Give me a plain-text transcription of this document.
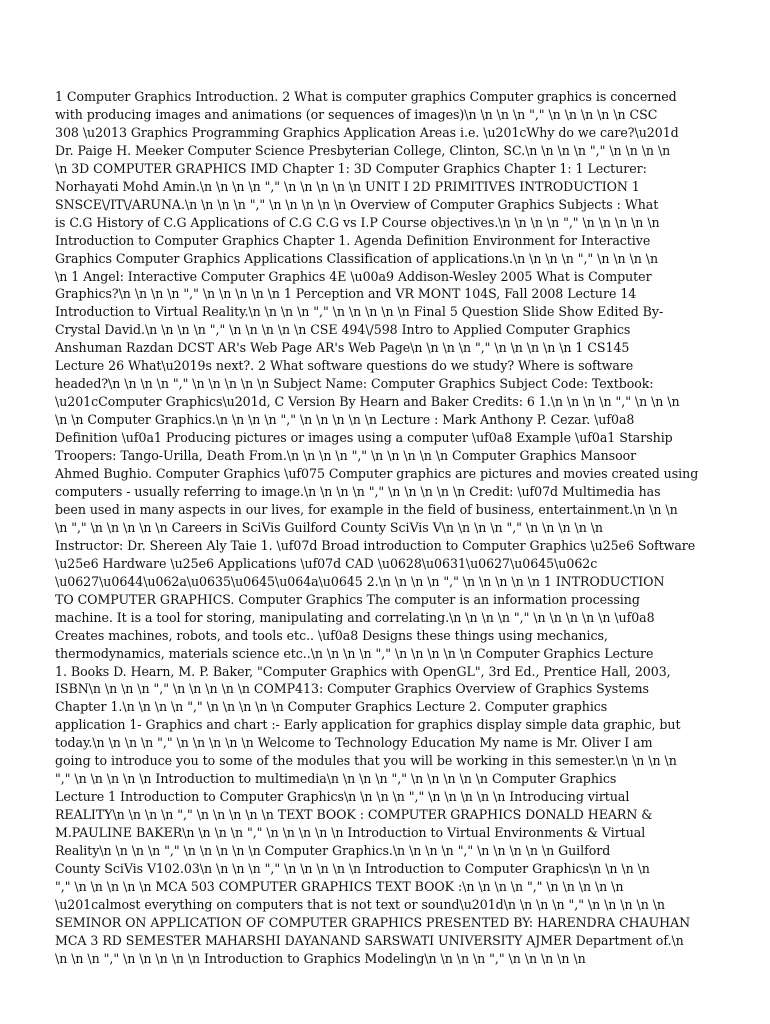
1 Computer Graphics Introduction. 2 What is computer graphics Computer graphics is concerned
with producing images and animations (or sequences of images)\n \n \n \n "," \n \n \n \n \n CSC
308 \u2013 Graphics Programming Graphics Application Areas i.e. \u201cWhy do we care?\u201d
Dr. Paige H. Meeker Computer Science Presbyterian College, Clinton, SC.\n \n \n \n "," \n \n \n \n
\n 3D COMPUTER GRAPHICS IMD Chapter 1: 3D Computer Graphics Chapter 1: 1 Lecturer:
Norhayati Mohd Amin.\n \n \n \n "," \n \n \n \n \n UNIT I 2D PRIMITIVES INTRODUCTION 1
SNSCE\/IT\/ARUNA.\n \n \n \n "," \n \n \n \n \n Overview of Computer Graphics Subjects : What
is C.G History of C.G Applications of C.G C.G vs I.P Course objectives.\n \n \n \n "," \n \n \n \n \n
Introduction to Computer Graphics Chapter 1. Agenda Definition Environment for Interactive
Graphics Computer Graphics Applications Classification of applications.\n \n \n \n "," \n \n \n \n
\n 1 Angel: Interactive Computer Graphics 4E \u00a9 Addison-Wesley 2005 What is Computer
Graphics?\n \n \n \n "," \n \n \n \n \n 1 Perception and VR MONT 104S, Fall 2008 Lecture 14
Introduction to Virtual Reality.\n \n \n \n "," \n \n \n \n \n Final 5 Question Slide Show Edited By-
Crystal David.\n \n \n \n "," \n \n \n \n \n CSE 494\/598 Intro to Applied Computer Graphics
Anshuman Razdan DCST AR's Web Page AR's Web Page\n \n \n \n "," \n \n \n \n \n 1 CS145
Lecture 26 What\u2019s next?. 2 What software questions do we study? Where is software
headed?\n \n \n \n "," \n \n \n \n \n Subject Name: Computer Graphics Subject Code: Textbook:
\u201cComputer Graphics\u201d, C Version By Hearn and Baker Credits: 6 1.\n \n \n \n "," \n \n \n
\n \n Computer Graphics.\n \n \n \n "," \n \n \n \n \n Lecture : Mark Anthony P. Cezar. \uf0a8
Definition \uf0a1 Producing pictures or images using a computer \uf0a8 Example \uf0a1 Starship
Troopers: Tango-Urilla, Death From.\n \n \n \n "," \n \n \n \n \n Computer Graphics Mansoor
Ahmed Bughio. Computer Graphics \uf075 Computer graphics are pictures and movies created using
computers - usually referring to image.\n \n \n \n "," \n \n \n \n \n Credit: \uf07d Multimedia has
been used in many aspects in our lives, for example in the field of business, entertainment.\n \n \n
\n "," \n \n \n \n \n Careers in SciVis Guilford County SciVis V\n \n \n \n "," \n \n \n \n \n
Instructor: Dr. Shereen Aly Taie 1. \uf07d Broad introduction to Computer Graphics \u25e6 Software
\u25e6 Hardware \u25e6 Applications \uf07d CAD \u0628\u0631\u0627\u0645\u062c
\u0627\u0644\u062a\u0635\u0645\u064a\u0645 2.\n \n \n \n "," \n \n \n \n \n 1 INTRODUCTION
TO COMPUTER GRAPHICS. Computer Graphics The computer is an information processing
machine. It is a tool for storing, manipulating and correlating.\n \n \n \n "," \n \n \n \n \n \uf0a8
Creates machines, robots, and tools etc.. \uf0a8 Designs these things using mechanics,
thermodynamics, materials science etc..\n \n \n \n "," \n \n \n \n \n Computer Graphics Lecture
1. Books D. Hearn, M. P. Baker, "Computer Graphics with OpenGL", 3rd Ed., Prentice Hall, 2003,
ISBN\n \n \n \n "," \n \n \n \n \n COMP413: Computer Graphics Overview of Graphics Systems
Chapter 1.\n \n \n \n "," \n \n \n \n \n Computer Graphics Lecture 2. Computer graphics
application 1- Graphics and chart :- Early application for graphics display simple data graphic, but
today.\n \n \n \n "," \n \n \n \n \n Welcome to Technology Education My name is Mr. Oliver I am
going to introduce you to some of the modules that you will be working in this semester.\n \n \n \n
"," \n \n \n \n \n Introduction to multimedia\n \n \n \n "," \n \n \n \n \n Computer Graphics
Lecture 1 Introduction to Computer Graphics\n \n \n \n "," \n \n \n \n \n Introducing virtual
REALITY\n \n \n \n "," \n \n \n \n \n TEXT BOOK : COMPUTER GRAPHICS DONALD HEARN &
M.PAULINE BAKER\n \n \n \n "," \n \n \n \n \n Introduction to Virtual Environments & Virtual
Reality\n \n \n \n "," \n \n \n \n \n Computer Graphics.\n \n \n \n "," \n \n \n \n \n Guilford
County SciVis V102.03\n \n \n \n "," \n \n \n \n \n Introduction to Computer Graphics\n \n \n \n
"," \n \n \n \n \n MCA 503 COMPUTER GRAPHICS TEXT BOOK :\n \n \n \n "," \n \n \n \n \n
\u201calmost everything on computers that is not text or sound\u201d\n \n \n \n "," \n \n \n \n \n
SEMINOR ON APPLICATION OF COMPUTER GRAPHICS PRESENTED BY: HARENDRA CHAUHAN
MCA 3 RD SEMESTER MAHARSHI DAYANAND SARSWATI UNIVERSITY AJMER Department of.\n
\n \n \n "," \n \n \n \n \n Introduction to Graphics Modeling\n \n \n \n "," \n \n \n \n \n
